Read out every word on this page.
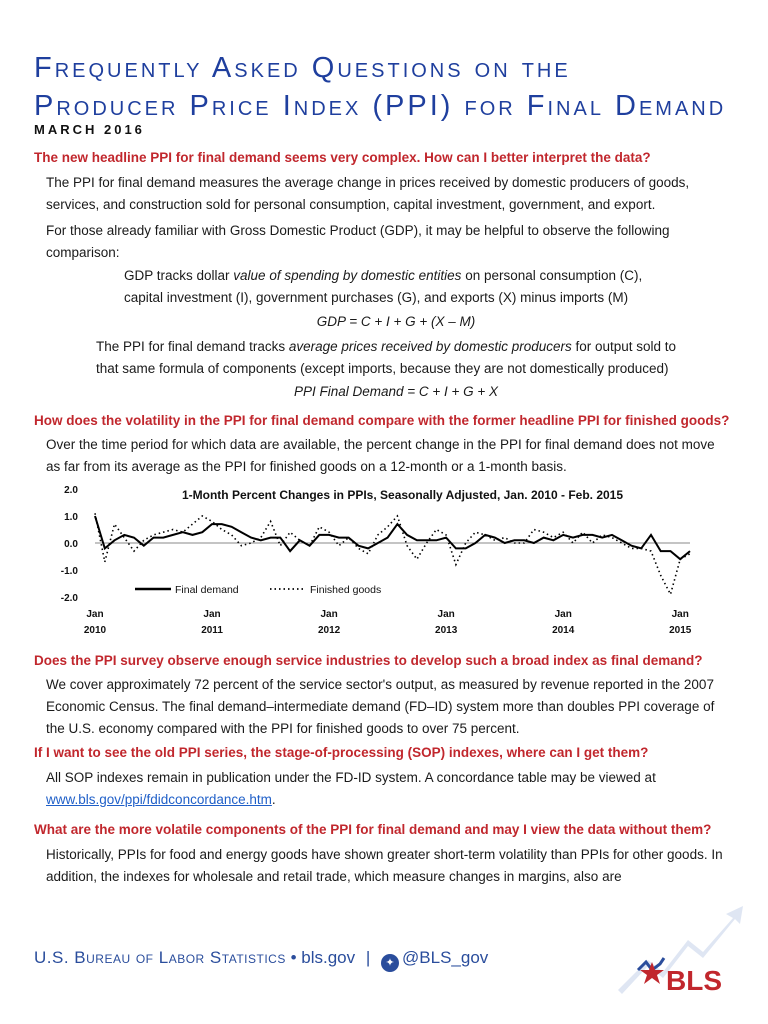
Frequently Asked Questions on the
Producer Price Index (PPI) for Final Demand
MARCH 2016
The new headline PPI for final demand seems very complex. How can I better interpret the data?

The PPI for final demand measures the average change in prices received by domestic producers of goods, services, and construction sold for personal consumption, capital investment, government, and export.

For those already familiar with Gross Domestic Product (GDP), it may be helpful to observe the following comparison:

GDP tracks dollar value of spending by domestic entities on personal consumption (C), capital investment (I), government purchases (G), and exports (X) minus imports (M)

GDP = C + I + G + (X – M)

The PPI for final demand tracks average prices received by domestic producers for output sold to that same formula of components (except imports, because they are not domestically produced)

PPI Final Demand = C + I + G + X
How does the volatility in the PPI for final demand compare with the former headline PPI for finished goods?

Over the time period for which data are available, the percent change in the PPI for final demand does not move as far from its average as the PPI for finished goods on a 12-month or a 1-month basis.

1-Month Percent Changes in PPIs, Seasonally Adjusted, Jan. 2010 - Feb. 2015
2.0
1.0
0.0
-1.0
-2.0
Jan
2010
Jan
2011
Jan
2012
Jan
2013
Jan
2014
Jan
2015
Final demand	Finished goods
Does the PPI survey observe enough service industries to develop such a broad index as final demand?

We cover approximately 72 percent of the service sector's output, as measured by revenue reported in the 2007 Economic Census. The final demand–intermediate demand (FD–ID) system more than doubles PPI coverage of the U.S. economy compared with the PPI for finished goods to over 75 percent.

If I want to see the old PPI series, the stage-of-processing (SOP) indexes, where can I get them?

All SOP indexes remain in publication under the FD-ID system. A concordance table may be viewed at
www.bls.gov/ppi/fdidconcordance.htm.

What are the more volatile components of the PPI for final demand and may I view the data without them?

Historically, PPIs for food and energy goods have shown greater short-term volatility than PPIs for other goods. In addition, the indexes for wholesale and retail trade, which measure changes in margins, also are

U.S. Bureau of Labor Statistics • bls.gov | ✦ @BLS_gov
BLS
